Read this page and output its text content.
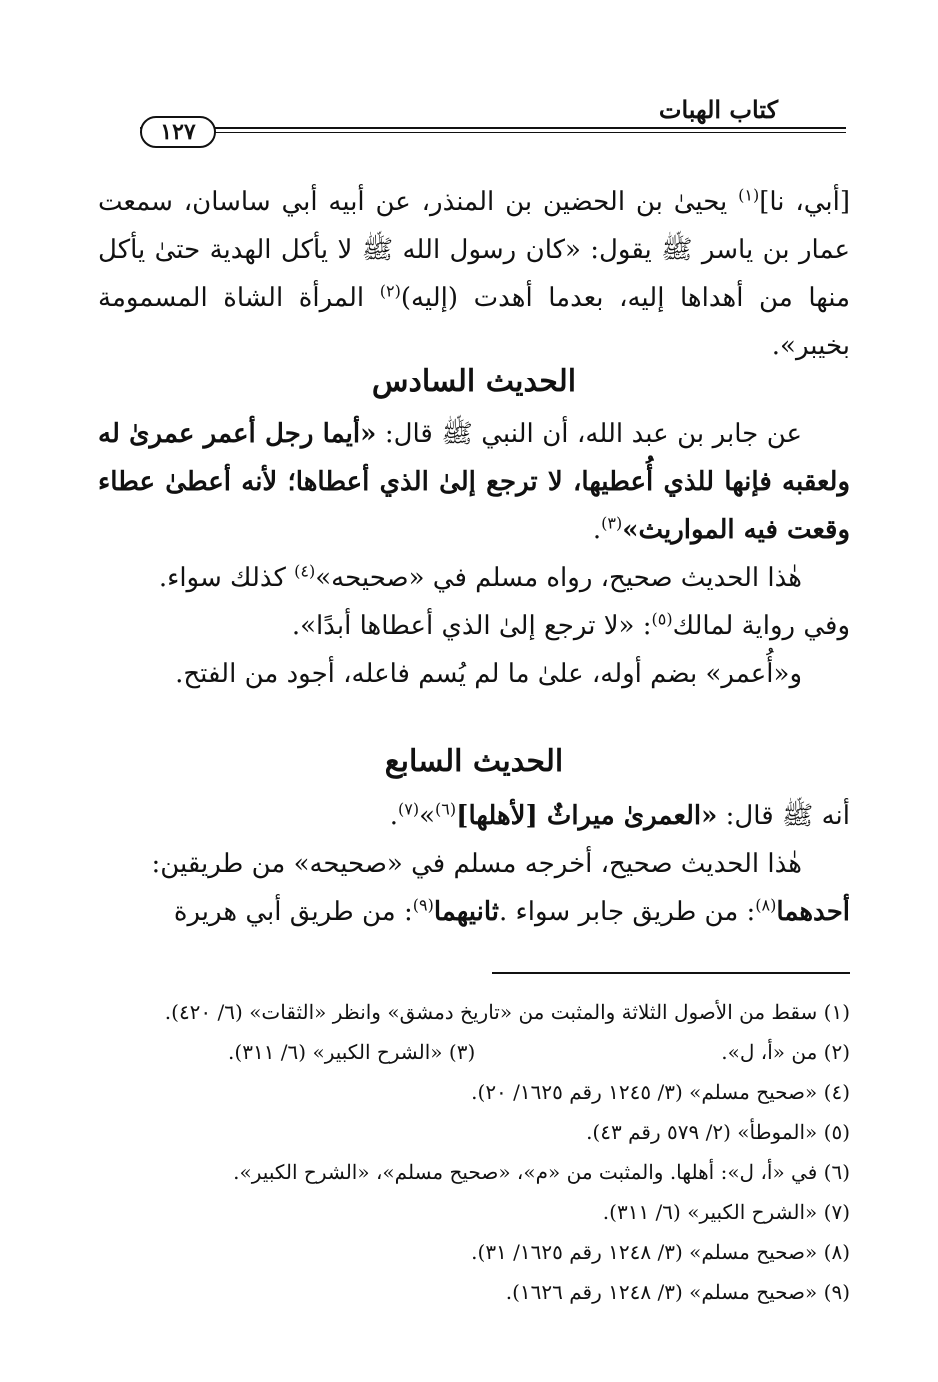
كتاب الهبات
١٢٧

[أبي، نا]$^{(١)}$ يحيىٰ بن الحضين بن المنذر، عن أبيه أبي ساسان، سمعت عمار بن ياسر ﷺ يقول: «كان رسول الله ﷺ لا يأكل الهدية حتىٰ يأكل منها من أهداها إليه، بعدما أهدت (إليه)$^{(٢)}$ المرأة الشاة المسمومة بخيبر».

الحديث السادس

عن جابر بن عبد الله، أن النبي ﷺ قال: «أيما رجل أعمر عمرىٰ له ولعقبه فإنها للذي أُعطيها، لا ترجع إلىٰ الذي أعطاها؛ لأنه أعطىٰ عطاء وقعت فيه المواريث»$^{(٣)}$.

هٰذا الحديث صحيح، رواه مسلم في «صحيحه»$^{(٤)}$ كذلك سواء.

وفي رواية لمالك$^{(٥)}$: «لا ترجع إلىٰ الذي أعطاها أبدًا».

و«أُعمر» بضم أوله، علىٰ ما لم يُسم فاعله، أجود من الفتح.

الحديث السابع

أنه ﷺ قال: «العمرىٰ ميراثٌ [لأهلها]$^{(٦)}$»$^{(٧)}$.

هٰذا الحديث صحيح، أخرجه مسلم في «صحيحه» من طريقين:

أحدهما$^{(٨)}$: من طريق جابر سواء .ثانيهما$^{(٩)}$: من طريق أبي هريرة

(١) سقط من الأصول الثلاثة والمثبت من «تاريخ دمشق» وانظر «الثقات» (٦/ ٤٢٠).

(٢) من «أ، ل».
(٣) «الشرح الكبير» (٦/ ٣١١).

(٤) «صحيح مسلم» (٣/ ١٢٤٥ رقم ١٦٢٥/ ٢٠).

(٥) «الموطأ» (٢/ ٥٧٩ رقم ٤٣).

(٦) في «أ، ل»: أهلها. والمثبت من «م»، «صحيح مسلم»، «الشرح الكبير».

(٧) «الشرح الكبير» (٦/ ٣١١).

(٨) «صحيح مسلم» (٣/ ١٢٤٨ رقم ١٦٢٥/ ٣١).

(٩) «صحيح مسلم» (٣/ ١٢٤٨ رقم ١٦٢٦).
